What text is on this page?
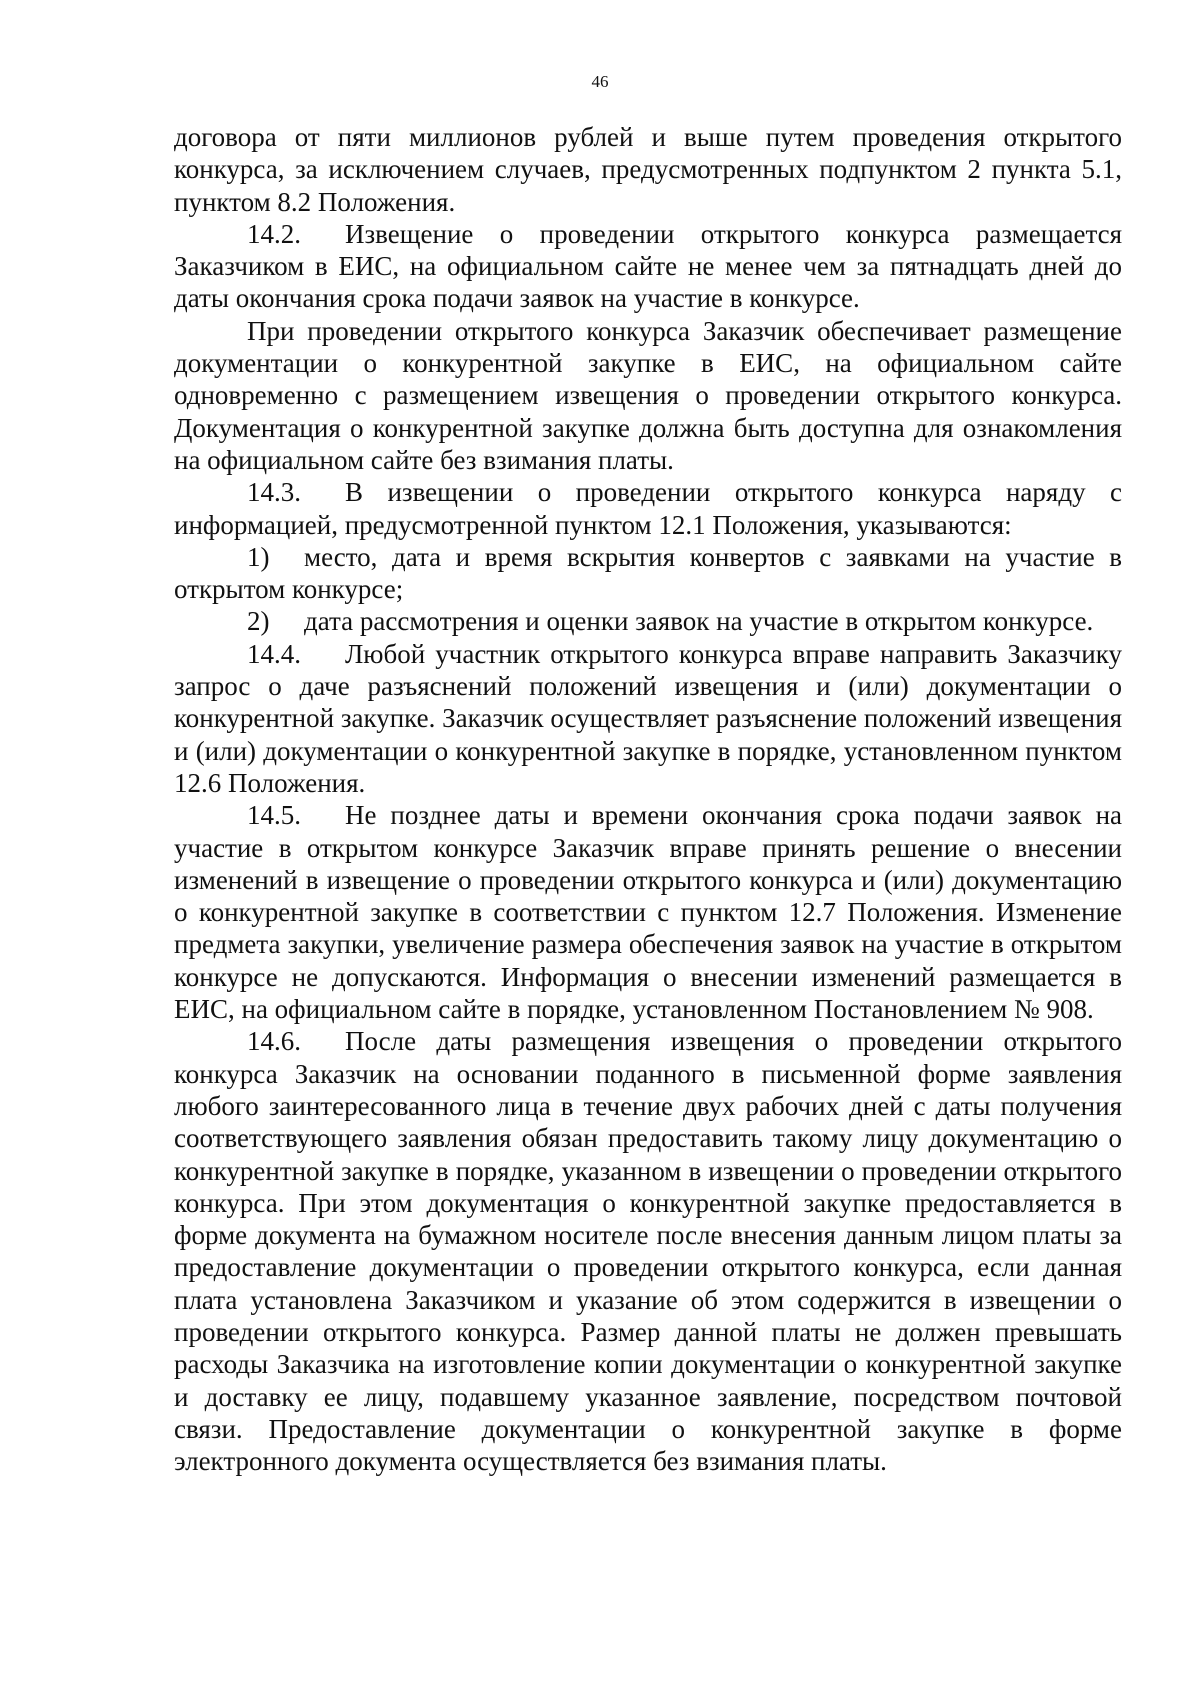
46

договора от пяти миллионов рублей и выше путем проведения открытого конкурса, за исключением случаев, предусмотренных подпунктом 2 пункта 5.1, пунктом 8.2 Положения.

14.2. Извещение о проведении открытого конкурса размещается Заказчиком в ЕИС, на официальном сайте не менее чем за пятнадцать дней до даты окончания срока подачи заявок на участие в конкурсе.

При проведении открытого конкурса Заказчик обеспечивает размещение документации о конкурентной закупке в ЕИС, на официальном сайте одновременно с размещением извещения о проведении открытого конкурса. Документация о конкурентной закупке должна быть доступна для ознакомления на официальном сайте без взимания платы.

14.3. В извещении о проведении открытого конкурса наряду с информацией, предусмотренной пунктом 12.1 Положения, указываются:

1) место, дата и время вскрытия конвертов с заявками на участие в открытом конкурсе;

2) дата рассмотрения и оценки заявок на участие в открытом конкурсе.

14.4. Любой участник открытого конкурса вправе направить Заказчику запрос о даче разъяснений положений извещения и (или) документации о конкурентной закупке. Заказчик осуществляет разъяснение положений извещения и (или) документации о конкурентной закупке в порядке, установленном пунктом 12.6 Положения.

14.5. Не позднее даты и времени окончания срока подачи заявок на участие в открытом конкурсе Заказчик вправе принять решение о внесении изменений в извещение о проведении открытого конкурса и (или) документацию о конкурентной закупке в соответствии с пунктом 12.7 Положения. Изменение предмета закупки, увеличение размера обеспечения заявок на участие в открытом конкурсе не допускаются. Информация о внесении изменений размещается в ЕИС, на официальном сайте в порядке, установленном Постановлением № 908.

14.6. После даты размещения извещения о проведении открытого конкурса Заказчик на основании поданного в письменной форме заявления любого заинтересованного лица в течение двух рабочих дней с даты получения соответствующего заявления обязан предоставить такому лицу документацию о конкурентной закупке в порядке, указанном в извещении о проведении открытого конкурса. При этом документация о конкурентной закупке предоставляется в форме документа на бумажном носителе после внесения данным лицом платы за предоставление документации о проведении открытого конкурса, если данная плата установлена Заказчиком и указание об этом содержится в извещении о проведении открытого конкурса. Размер данной платы не должен превышать расходы Заказчика на изготовление копии документации о конкурентной закупке и доставку ее лицу, подавшему указанное заявление, посредством почтовой связи. Предоставление документации о конкурентной закупке в форме электронного документа осуществляется без взимания платы.
